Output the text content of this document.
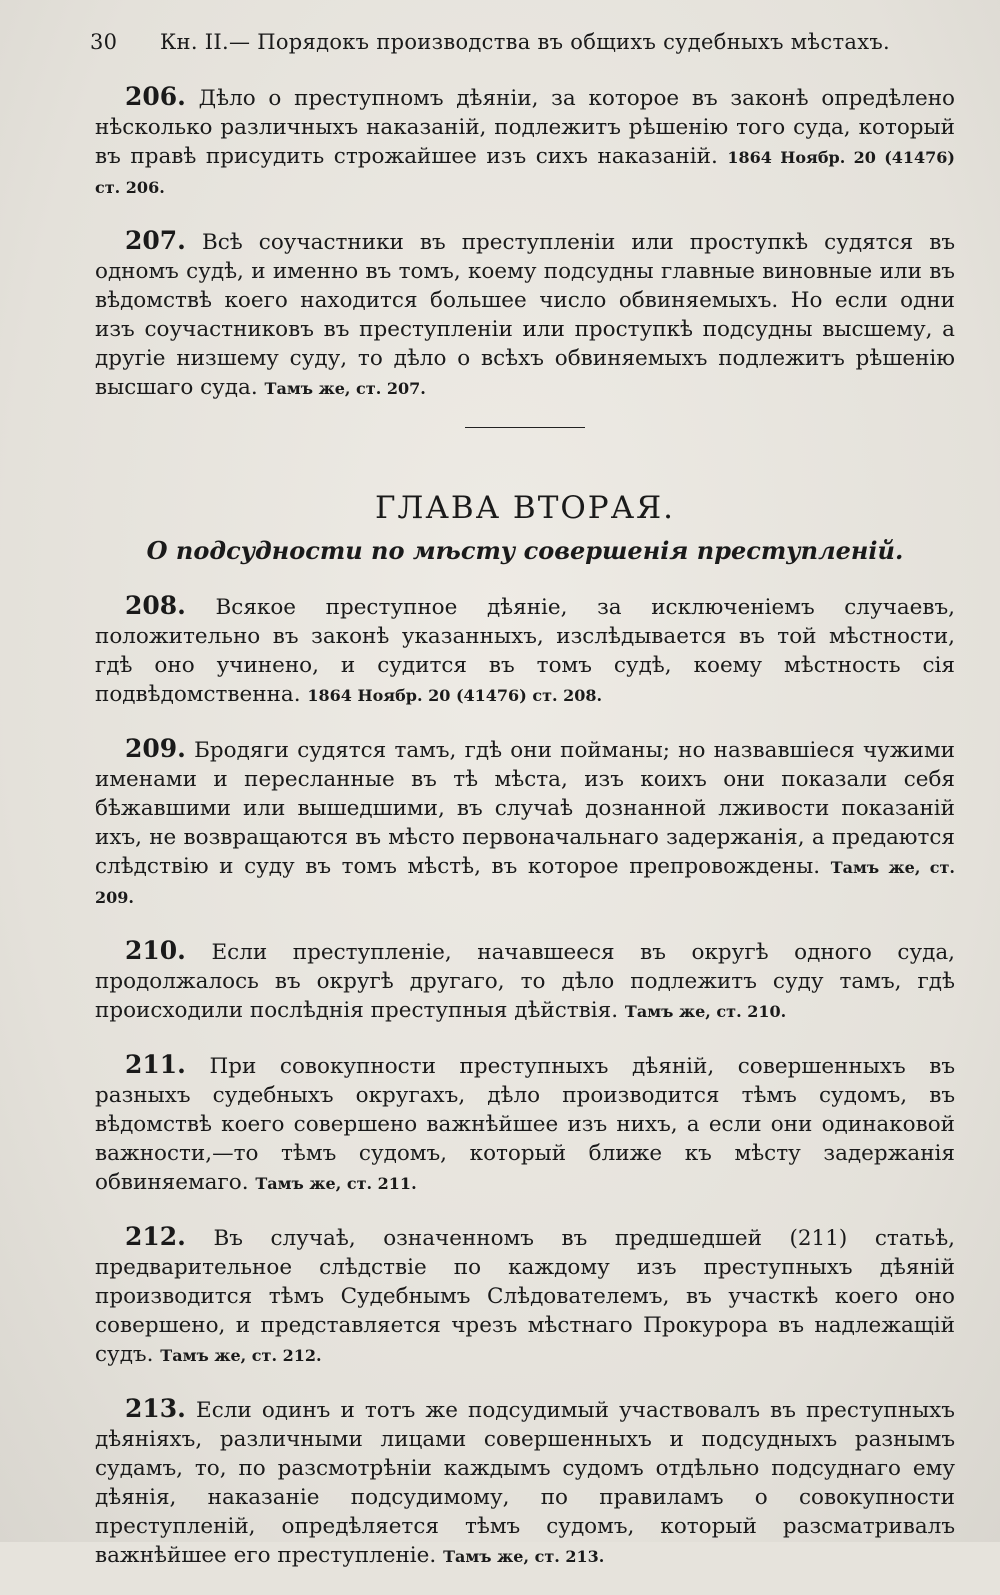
30 Кн. II.— Порядокъ производства въ общихъ судебныхъ мѣстахъ.

206. Дѣло о преступномъ дѣяніи, за которое въ законѣ опредѣлено нѣсколько различныхъ наказаній, подлежитъ рѣшенію того суда, который въ правѣ присудить строжайшее изъ сихъ наказаній. 1864 Ноябр. 20 (41476) ст. 206.

207. Всѣ соучастники въ преступленіи или проступкѣ судятся въ одномъ судѣ, и именно въ томъ, коему подсудны главные виновные или въ вѣдомствѣ коего находится большее число обвиняемыхъ. Но если одни изъ соучастниковъ въ преступленіи или проступкѣ подсудны высшему, а другіе низшему суду, то дѣло о всѣхъ обвиняемыхъ подлежитъ рѣшенію высшаго суда. Тамъ же, ст. 207.

ГЛАВА ВТОРАЯ.
О подсудности по мѣсту совершенія преступленій.

208. Всякое преступное дѣяніе, за исключеніемъ случаевъ, положительно въ законѣ указанныхъ, изслѣдывается въ той мѣстности, гдѣ оно учинено, и судится въ томъ судѣ, коему мѣстность сія подвѣдомственна. 1864 Ноябр. 20 (41476) ст. 208.

209. Бродяги судятся тамъ, гдѣ они пойманы; но назвавшіеся чужими именами и пересланные въ тѣ мѣста, изъ коихъ они показали себя бѣжавшими или вышедшими, въ случаѣ дознанной лживости показаній ихъ, не возвращаются въ мѣсто первоначальнаго задержанія, а предаются слѣдствію и суду въ томъ мѣстѣ, въ которое препровождены. Тамъ же, ст. 209.

210. Если преступленіе, начавшееся въ округѣ одного суда, продолжалось въ округѣ другаго, то дѣло подлежитъ суду тамъ, гдѣ происходили послѣднія преступныя дѣйствія. Тамъ же, ст. 210.

211. При совокупности преступныхъ дѣяній, совершенныхъ въ разныхъ судебныхъ округахъ, дѣло производится тѣмъ судомъ, въ вѣдомствѣ коего совершено важнѣйшее изъ нихъ, а если они одинаковой важности,—то тѣмъ судомъ, который ближе къ мѣсту задержанія обвиняемаго. Тамъ же, ст. 211.

212. Въ случаѣ, означенномъ въ предшедшей (211) статьѣ, предварительное слѣдствіе по каждому изъ преступныхъ дѣяній производится тѣмъ Судебнымъ Слѣдователемъ, въ участкѣ коего оно совершено, и представляется чрезъ мѣстнаго Прокурора въ надлежащій судъ. Тамъ же, ст. 212.

213. Если одинъ и тотъ же подсудимый участвовалъ въ преступныхъ дѣяніяхъ, различными лицами совершенныхъ и подсудныхъ разнымъ судамъ, то, по разсмотрѣніи каждымъ судомъ отдѣльно подсуднаго ему дѣянія, наказаніе подсудимому, по правиламъ о совокупности преступленій, опредѣляется тѣмъ судомъ, который разсматривалъ важнѣйшее его преступленіе. Тамъ же, ст. 213.
